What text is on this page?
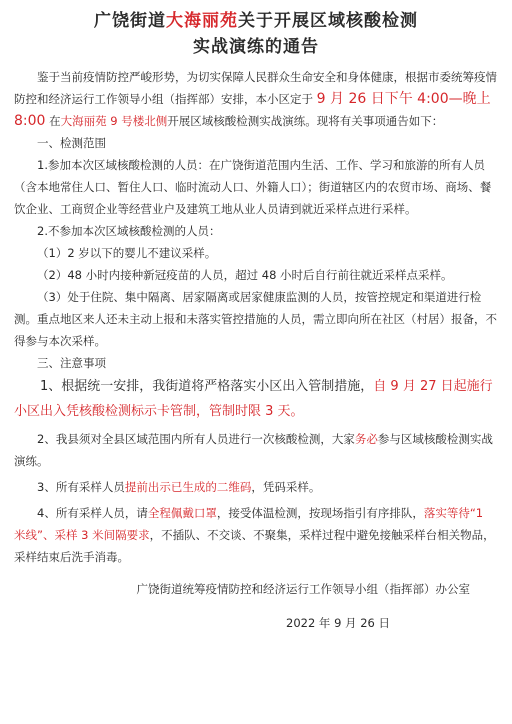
广饶街道大海丽苑关于开展区域核酸检测
实战演练的通告

鉴于当前疫情防控严峻形势，为切实保障人民群众生命安全和身体健康，根据市委统筹疫情防控和经济运行工作领导小组（指挥部）安排，本小区定于 9 月 26 日下午 4:00—晚上 8:00 在大海丽苑 9 号楼北侧开展区域核酸检测实战演练。现将有关事项通告如下：

一、检测范围

1.参加本次区域核酸检测的人员：在广饶街道范围内生活、工作、学习和旅游的所有人员（含本地常住人口、暂住人口、临时流动人口、外籍人口）；街道辖区内的农贸市场、商场、餐饮企业、工商贸企业等经营业户及建筑工地从业人员请到就近采样点进行采样。

2.不参加本次区域核酸检测的人员：

（1）2 岁以下的婴儿不建议采样。

（2）48 小时内接种新冠疫苗的人员，超过 48 小时后自行前往就近采样点采样。

（3）处于住院、集中隔离、居家隔离或居家健康监测的人员，按管控规定和渠道进行检测。重点地区来人还未主动上报和未落实管控措施的人员，需立即向所在社区（村居）报备，不得参与本次采样。

三、注意事项

1、根据统一安排，我街道将严格落实小区出入管制措施，自 9 月 27 日起施行小区出入凭核酸检测标示卡管制，管制时限 3 天。

2、我县须对全县区域范围内所有人员进行一次核酸检测，大家务必参与区域核酸检测实战演练。

3、所有采样人员提前出示已生成的二维码，凭码采样。

4、所有采样人员，请全程佩戴口罩，接受体温检测，按现场指引有序排队，落实等待“1 米线”、采样 3 米间隔要求，不插队、不交谈、不聚集，采样过程中避免接触采样台相关物品，采样结束后洗手消毒。

广饶街道统筹疫情防控和经济运行工作领导小组（指挥部）办公室
2022 年 9 月 26 日
